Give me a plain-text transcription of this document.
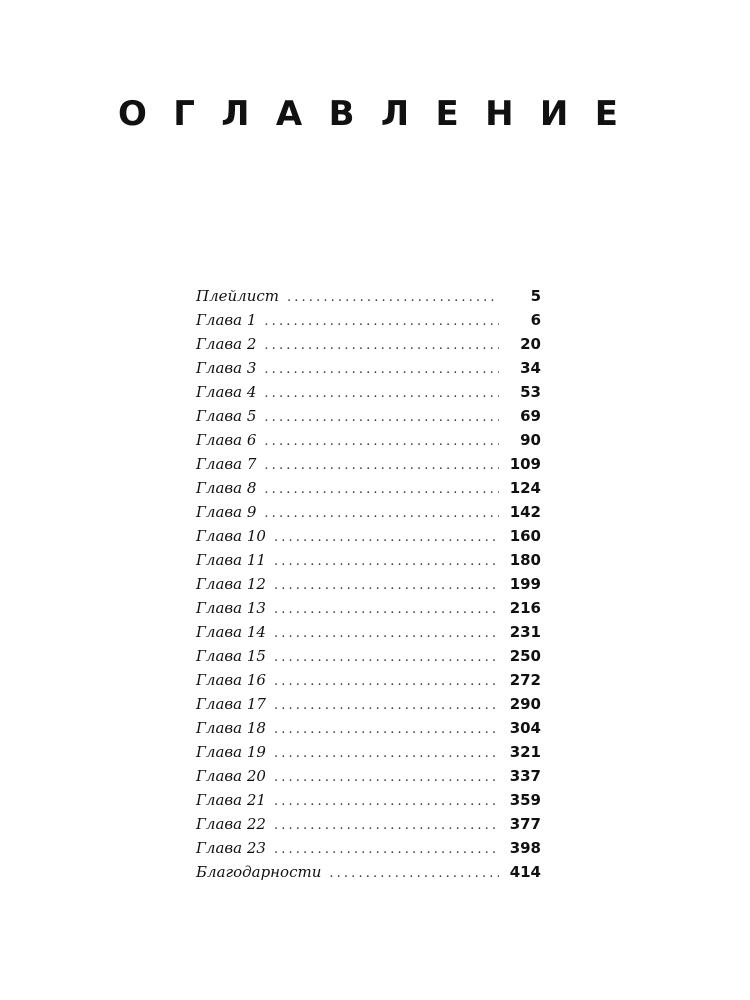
О Г Л А В Л Е Н И Е
Плейлист . . .	5
Глава 1 . . .	6
Глава 2 . . .	20
Глава 3 . . .	34
Глава 4 . . .	53
Глава 5 . . .	69
Глава 6 . . .	90
Глава 7 . . .	109
Глава 8 . . .	124
Глава 9 . . .	142
Глава 10 . . .	160
Глава 11 . . .	180
Глава 12 . . .	199
Глава 13 . . .	216
Глава 14 . . .	231
Глава 15 . . .	250
Глава 16 . . .	272
Глава 17 . . .	290
Глава 18 . . .	304
Глава 19 . . .	321
Глава 20 . . .	337
Глава 21 . . .	359
Глава 22 . . .	377
Глава 23 . . .	398
Благодарности . . .	414
